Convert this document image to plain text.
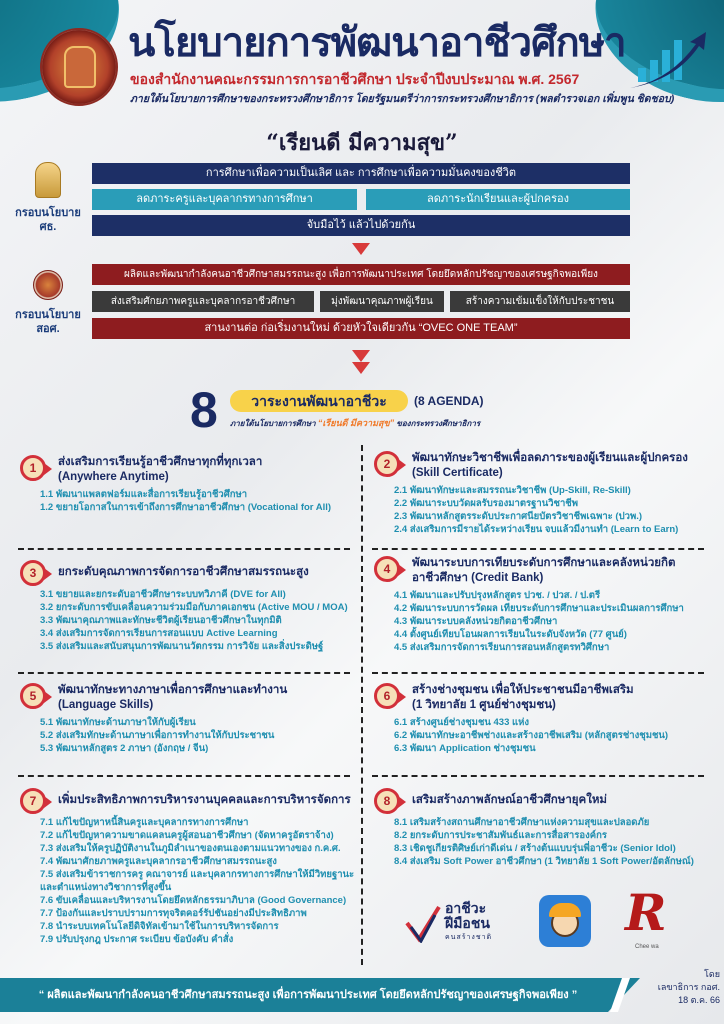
นโยบายการพัฒนาอาชีวศึกษา
ของสำนักงานคณะกรรมการการอาชีวศึกษา ประจำปีงบประมาณ พ.ศ. 2567
ภายใต้นโยบายการศึกษาของกระทรวงศึกษาธิการ โดยรัฐมนตรีว่าการกระทรวงศึกษาธิการ (พลตำรวจเอก เพิ่มพูน ชิดชอบ)
“เรียนดี มีความสุข”
กรอบนโยบาย
ศธ.
การศึกษาเพื่อความเป็นเลิศ และ การศึกษาเพื่อความมั่นคงของชีวิต
ลดภาระครูและบุคลากรทางการศึกษา	ลดภาระนักเรียนและผู้ปกครอง
จับมือไว้ แล้วไปด้วยกัน
กรอบนโยบาย
สอศ.
ผลิตและพัฒนากำลังคนอาชีวศึกษาสมรรถนะสูง เพื่อการพัฒนาประเทศ โดยยึดหลักปรัชญาของเศรษฐกิจพอเพียง
ส่งเสริมศักยภาพครูและบุคลากรอาชีวศึกษา	มุ่งพัฒนาคุณภาพผู้เรียน	สร้างความเข้มแข็งให้กับประชาชน
สานงานต่อ ก่อเริ่มงานใหม่ ด้วยหัวใจเดียวกัน “OVEC ONE TEAM”
8	วาระงานพัฒนาอาชีวะ	(8 AGENDA)
ภายใต้นโยบายการศึกษา “เรียนดี มีความสุข” ของกระทรวงศึกษาธิการ
1	ส่งเสริมการเรียนรู้อาชีวศึกษาทุกที่ทุกเวลา
(Anywhere Anytime)
1.1 พัฒนาแพลตฟอร์มและสื่อการเรียนรู้อาชีวศึกษา
1.2 ขยายโอกาสในการเข้าถึงการศึกษาอาชีวศึกษา (Vocational for All)
2	พัฒนาทักษะวิชาชีพเพื่อลดภาระของผู้เรียนและผู้ปกครอง
(Skill Certificate)
2.1 พัฒนาทักษะและสมรรถนะวิชาชีพ (Up-Skill, Re-Skill)
2.2 พัฒนาระบบวัดผลรับรองมาตรฐานวิชาชีพ
2.3 พัฒนาหลักสูตรระดับประกาศนียบัตรวิชาชีพเฉพาะ (ปวพ.)
2.4 ส่งเสริมการมีรายได้ระหว่างเรียน จบแล้วมีงานทำ (Learn to Earn)
3	ยกระดับคุณภาพการจัดการอาชีวศึกษาสมรรถนะสูง
3.1 ขยายและยกระดับอาชีวศึกษาระบบทวิภาคี (DVE for All)
3.2 ยกระดับการขับเคลื่อนความร่วมมือกับภาคเอกชน (Active MOU / MOA)
3.3 พัฒนาคุณภาพและทักษะชีวิตผู้เรียนอาชีวศึกษาในทุกมิติ
3.4 ส่งเสริมการจัดการเรียนการสอนแบบ Active Learning
3.5 ส่งเสริมและสนับสนุนการพัฒนานวัตกรรม การวิจัย และสิ่งประดิษฐ์
4	พัฒนาระบบการเทียบระดับการศึกษาและคลังหน่วยกิต
อาชีวศึกษา (Credit Bank)
4.1 พัฒนาและปรับปรุงหลักสูตร ปวช. / ปวส. / ป.ตรี
4.2 พัฒนาระบบการวัดผล เทียบระดับการศึกษาและประเมินผลการศึกษา
4.3 พัฒนาระบบคลังหน่วยกิตอาชีวศึกษา
4.4 ตั้งศูนย์เทียบโอนผลการเรียนในระดับจังหวัด (77 ศูนย์)
4.5 ส่งเสริมการจัดการเรียนการสอนหลักสูตรทวิศึกษา
5	พัฒนาทักษะทางภาษาเพื่อการศึกษาและทำงาน
(Language Skills)
5.1 พัฒนาทักษะด้านภาษาให้กับผู้เรียน
5.2 ส่งเสริมทักษะด้านภาษาเพื่อการทำงานให้กับประชาชน
5.3 พัฒนาหลักสูตร 2 ภาษา (อังกฤษ / จีน)
6	สร้างช่างชุมชน เพื่อให้ประชาชนมีอาชีพเสริม
(1 วิทยาลัย 1 ศูนย์ช่างชุมชน)
6.1 สร้างศูนย์ช่างชุมชน 433 แห่ง
6.2 พัฒนาทักษะอาชีพช่างและสร้างอาชีพเสริม (หลักสูตรช่างชุมชน)
6.3 พัฒนา Application ช่างชุมชน
7	เพิ่มประสิทธิภาพการบริหารงานบุคคลและการบริหารจัดการ
7.1 แก้ไขปัญหาหนี้สินครูและบุคลากรทางการศึกษา
7.2 แก้ไขปัญหาความขาดแคลนครูผู้สอนอาชีวศึกษา (จัดหาครูอัตราจ้าง)
7.3 ส่งเสริมให้ครูปฏิบัติงานในภูมิลำเนาของตนเองตามแนวทางของ ก.ค.ศ.
7.4 พัฒนาศักยภาพครูและบุคลากรอาชีวศึกษาสมรรถนะสูง
7.5 ส่งเสริมข้าราชการครู คณาจารย์ และบุคลากรทางการศึกษาให้มีวิทยฐานะและตำแหน่งทางวิชาการที่สูงขึ้น
7.6 ขับเคลื่อนและบริหารงานโดยยึดหลักธรรมาภิบาล (Good Governance)
7.7 ป้องกันและปราบปรามการทุจริตคอร์รัปชันอย่างมีประสิทธิภาพ
7.8 นำระบบเทคโนโลยีดิจิทัลเข้ามาใช้ในการบริหารจัดการ
7.9 ปรับปรุงกฎ ประกาศ ระเบียบ ข้อบังคับ คำสั่ง
8	เสริมสร้างภาพลักษณ์อาชีวศึกษายุคใหม่
8.1 เสริมสร้างสถานศึกษาอาชีวศึกษาแห่งความสุขและปลอดภัย
8.2 ยกระดับการประชาสัมพันธ์และการสื่อสารองค์กร
8.3 เชิดชูเกียรติศิษย์เก่าดีเด่น / สร้างต้นแบบรุ่นพี่อาชีวะ (Senior Idol)
8.4 ส่งเสริม Soft Power อาชีวศึกษา (1 วิทยาลัย 1 Soft Power/อัตลักษณ์)
อาชีวะ
ฝีมือชน
คนสร้างชาติ	R
Chee wa
“ ผลิตและพัฒนากำลังคนอาชีวศึกษาสมรรถนะสูง เพื่อการพัฒนาประเทศ โดยยึดหลักปรัชญาของเศรษฐกิจพอเพียง ”
โดย
เลขาธิการ กอศ.
18 ต.ค. 66
